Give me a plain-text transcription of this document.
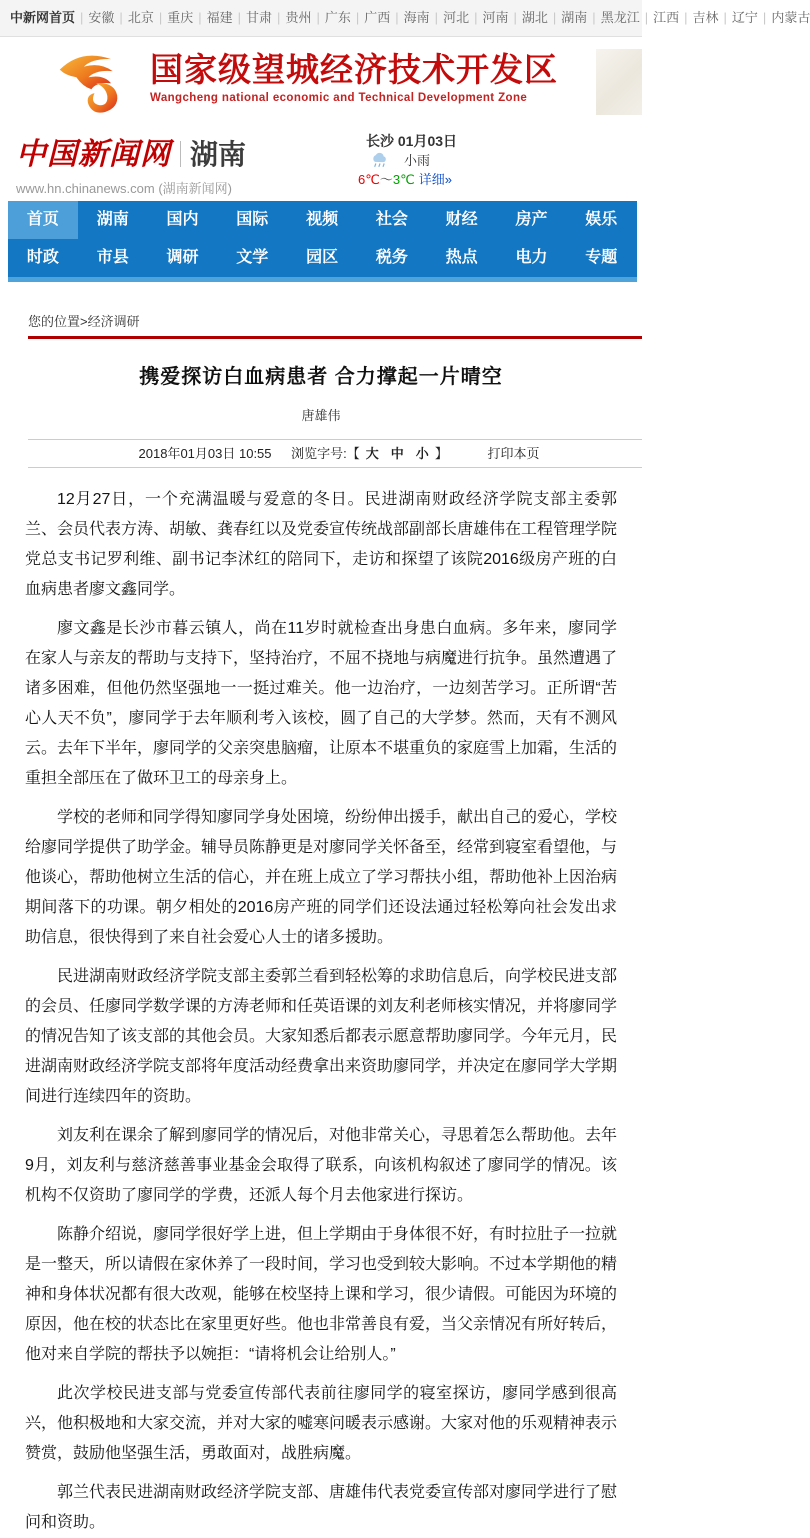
中新网首页 | 安徽 | 北京 | 重庆 | 福建 | 甘肃 | 贵州 | 广东 | 广西 | 海南 | 河北 | 河南 | 湖北 | 湖南 | 黑龙江 | 江西 | 吉林 | 辽宁 | 内蒙古
国家级望城经济技术开发区
Wangcheng national economic and Technical Development Zone
中国新闻网 湖南
www.hn.chinanews.com (湖南新闻网)
长沙 01月03日
小雨
6℃～3℃ 详细»
首页	湖南	国内	国际	视频	社会	财经	房产	娱乐
时政	市县	调研	文学	园区	税务	热点	电力	专题
您的位置>经济调研
携爱探访白血病患者 合力撑起一片晴空
唐雄伟
2018年01月03日 10:55 浏览字号:【 大 中 小 】	打印本页

12月27日，一个充满温暖与爱意的冬日。民进湖南财政经济学院支部主委郭兰、会员代表方涛、胡敏、龚春红以及党委宣传统战部副部长唐雄伟在工程管理学院党总支书记罗利维、副书记李沭红的陪同下，走访和探望了该院2016级房产班的白血病患者廖文鑫同学。

廖文鑫是长沙市暮云镇人，尚在11岁时就检查出身患白血病。多年来，廖同学在家人与亲友的帮助与支持下，坚持治疗，不屈不挠地与病魔进行抗争。虽然遭遇了诸多困难，但他仍然坚强地一一挺过难关。他一边治疗，一边刻苦学习。正所谓“苦心人天不负”，廖同学于去年顺利考入该校，圆了自己的大学梦。然而，天有不测风云。去年下半年，廖同学的父亲突患脑瘤，让原本不堪重负的家庭雪上加霜，生活的重担全部压在了做环卫工的母亲身上。

学校的老师和同学得知廖同学身处困境，纷纷伸出援手，献出自己的爱心，学校给廖同学提供了助学金。辅导员陈静更是对廖同学关怀备至，经常到寝室看望他，与他谈心，帮助他树立生活的信心，并在班上成立了学习帮扶小组，帮助他补上因治病期间落下的功课。朝夕相处的2016房产班的同学们还设法通过轻松筹向社会发出求助信息，很快得到了来自社会爱心人士的诸多援助。

民进湖南财政经济学院支部主委郭兰看到轻松筹的求助信息后，向学校民进支部的会员、任廖同学数学课的方涛老师和任英语课的刘友利老师核实情况，并将廖同学的情况告知了该支部的其他会员。大家知悉后都表示愿意帮助廖同学。今年元月，民进湖南财政经济学院支部将年度活动经费拿出来资助廖同学，并决定在廖同学大学期间进行连续四年的资助。

刘友利在课余了解到廖同学的情况后，对他非常关心，寻思着怎么帮助他。去年9月，刘友利与慈济慈善事业基金会取得了联系，向该机构叙述了廖同学的情况。该机构不仅资助了廖同学的学费，还派人每个月去他家进行探访。

陈静介绍说，廖同学很好学上进，但上学期由于身体很不好，有时拉肚子一拉就是一整天，所以请假在家休养了一段时间，学习也受到较大影响。不过本学期他的精神和身体状况都有很大改观，能够在校坚持上课和学习，很少请假。可能因为环境的原因，他在校的状态比在家里更好些。他也非常善良有爱，当父亲情况有所好转后，他对来自学院的帮扶予以婉拒：“请将机会让给别人。”

此次学校民进支部与党委宣传部代表前往廖同学的寝室探访，廖同学感到很高兴，他积极地和大家交流，并对大家的嘘寒问暖表示感谢。大家对他的乐观精神表示赞赏，鼓励他坚强生活，勇敢面对，战胜病魔。

郭兰代表民进湖南财政经济学院支部、唐雄伟代表党委宣传部对廖同学进行了慰问和资助。
